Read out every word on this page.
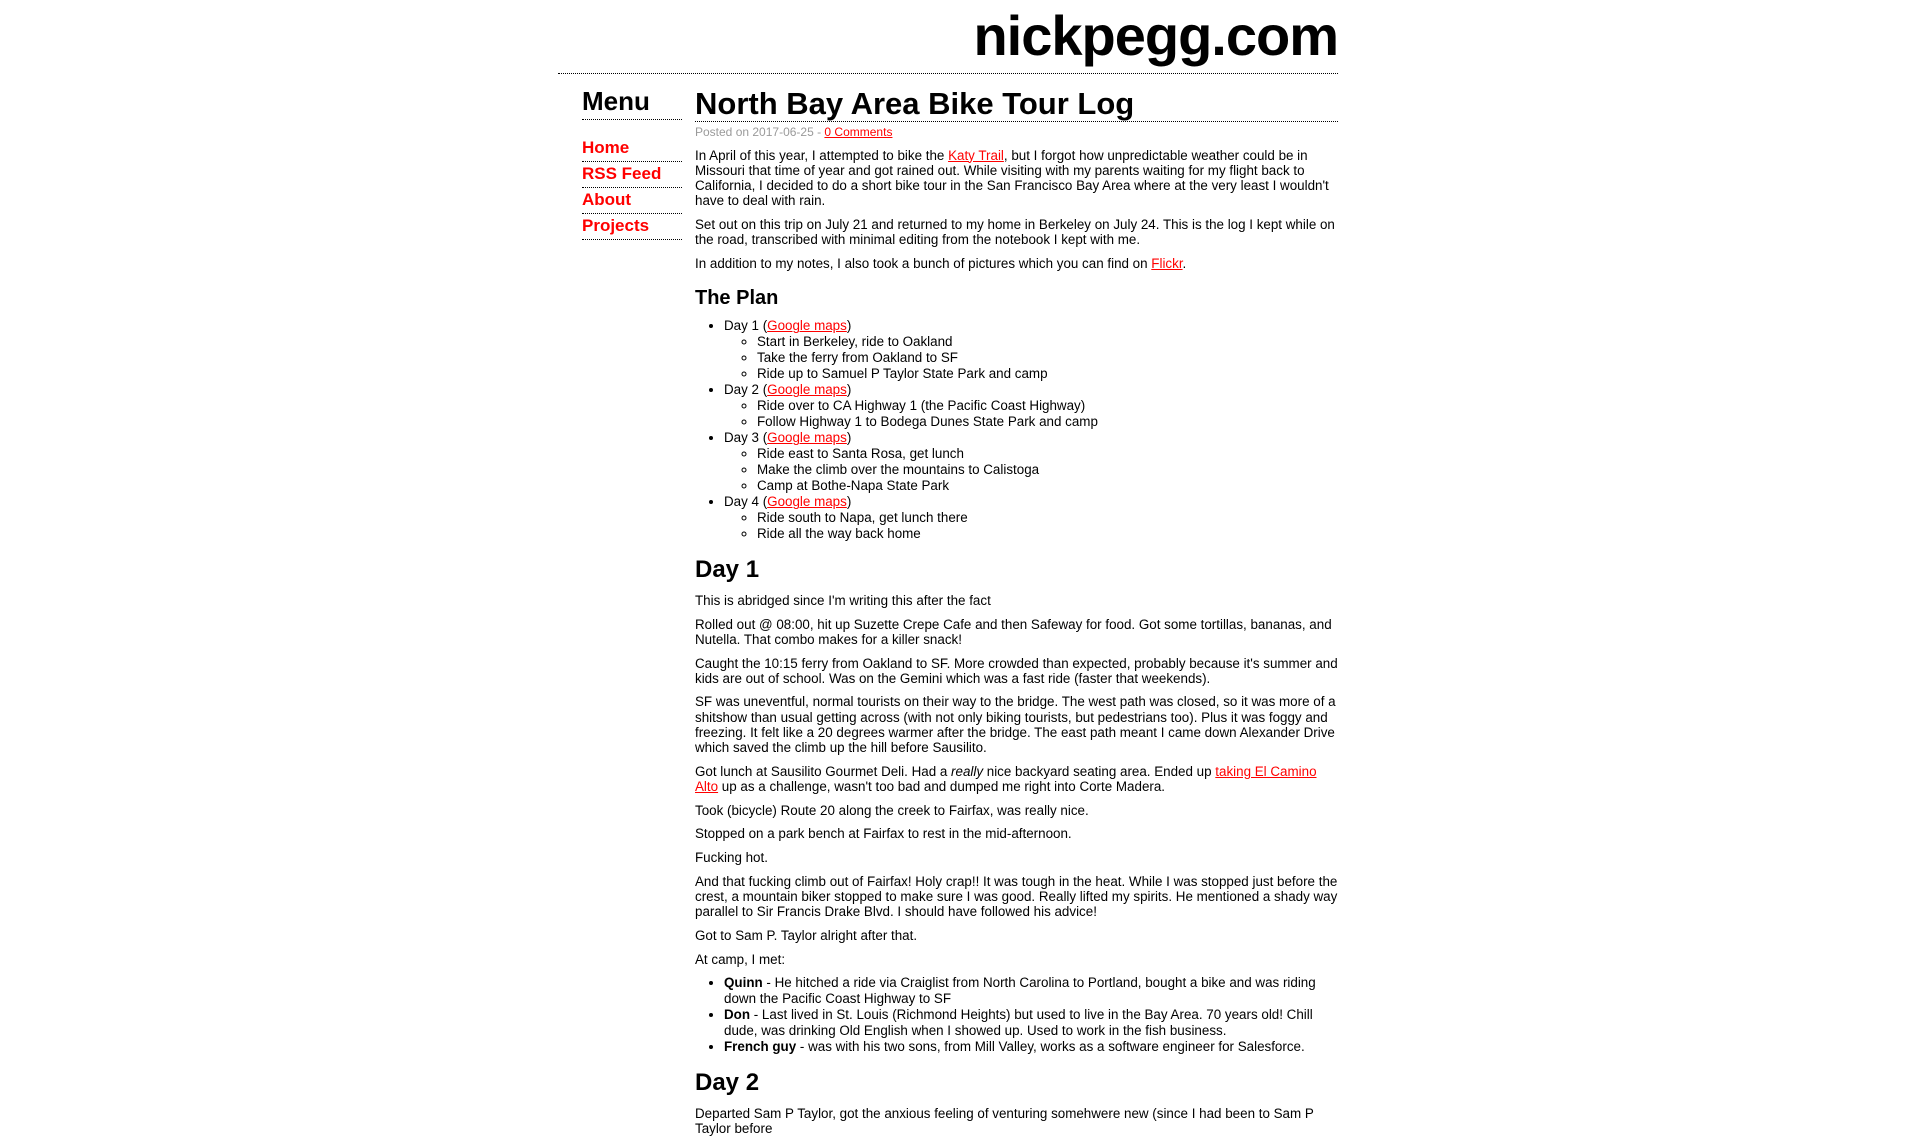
nickpegg.com
Menu
Home
RSS Feed
About
Projects
North Bay Area Bike Tour Log
Posted on 2017-06-25 - 0 Comments

In April of this year, I attempted to bike the Katy Trail, but I forgot how unpredictable weather could be in Missouri that time of year and got rained out. While visiting with my parents waiting for my flight back to California, I decided to do a short bike tour in the San Francisco Bay Area where at the very least I wouldn't have to deal with rain.

Set out on this trip on July 21 and returned to my home in Berkeley on July 24. This is the log I kept while on the road, transcribed with minimal editing from the notebook I kept with me.

In addition to my notes, I also took a bunch of pictures which you can find on Flickr.

The Plan
• Day 1 (Google maps)
◦ Start in Berkeley, ride to Oakland
◦ Take the ferry from Oakland to SF
◦ Ride up to Samuel P Taylor State Park and camp
• Day 2 (Google maps)
◦ Ride over to CA Highway 1 (the Pacific Coast Highway)
◦ Follow Highway 1 to Bodega Dunes State Park and camp
• Day 3 (Google maps)
◦ Ride east to Santa Rosa, get lunch
◦ Make the climb over the mountains to Calistoga
◦ Camp at Bothe-Napa State Park
• Day 4 (Google maps)
◦ Ride south to Napa, get lunch there
◦ Ride all the way back home
Day 1

This is abridged since I'm writing this after the fact

Rolled out @ 08:00, hit up Suzette Crepe Cafe and then Safeway for food. Got some tortillas, bananas, and Nutella. That combo makes for a killer snack!

Caught the 10:15 ferry from Oakland to SF. More crowded than expected, probably because it's summer and kids are out of school. Was on the Gemini which was a fast ride (faster that weekends).

SF was uneventful, normal tourists on their way to the bridge. The west path was closed, so it was more of a shitshow than usual getting across (with not only biking tourists, but pedestrians too). Plus it was foggy and freezing. It felt like a 20 degrees warmer after the bridge. The east path meant I came down Alexander Drive which saved the climb up the hill before Sausilito.

Got lunch at Sausilito Gourmet Deli. Had a really nice backyard seating area. Ended up taking El Camino Alto up as a challenge, wasn't too bad and dumped me right into Corte Madera.

Took (bicycle) Route 20 along the creek to Fairfax, was really nice.

Stopped on a park bench at Fairfax to rest in the mid-afternoon.

Fucking hot.

And that fucking climb out of Fairfax! Holy crap!! It was tough in the heat. While I was stopped just before the crest, a mountain biker stopped to make sure I was good. Really lifted my spirits. He mentioned a shady way parallel to Sir Francis Drake Blvd. I should have followed his advice!

Got to Sam P. Taylor alright after that.

At camp, I met:

• Quinn - He hitched a ride via Craiglist from North Carolina to Portland, bought a bike and was riding down the Pacific Coast Highway to SF
• Don - Last lived in St. Louis (Richmond Heights) but used to live in the Bay Area. 70 years old! Chill dude, was drinking Old English when I showed up. Used to work in the fish business.
• French guy - was with his two sons, from Mill Valley, works as a software engineer for Salesforce.
Day 2

Departed Sam P Taylor, got the anxious feeling of venturing somehwere new (since I had been to Sam P Taylor before
